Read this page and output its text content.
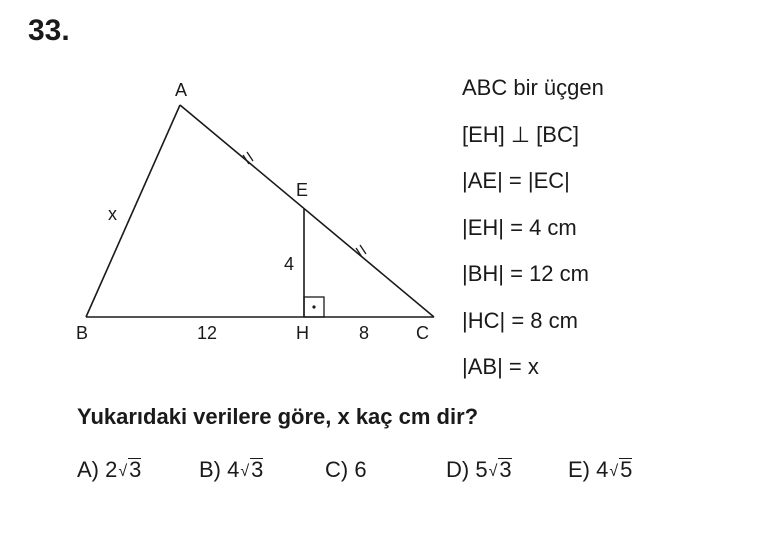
33.
A
B	C
E
H
x
4
12	8
ABC bir üçgen
[EH] ⊥ [BC]
|AE| = |EC|
|EH| = 4 cm
|BH| = 12 cm
|HC| = 8 cm
|AB| = x
Yukarıdaki verilere göre, x kaç cm dir?
A) 2√3	B) 4√3	C) 6	D) 5√3	E) 4√5
